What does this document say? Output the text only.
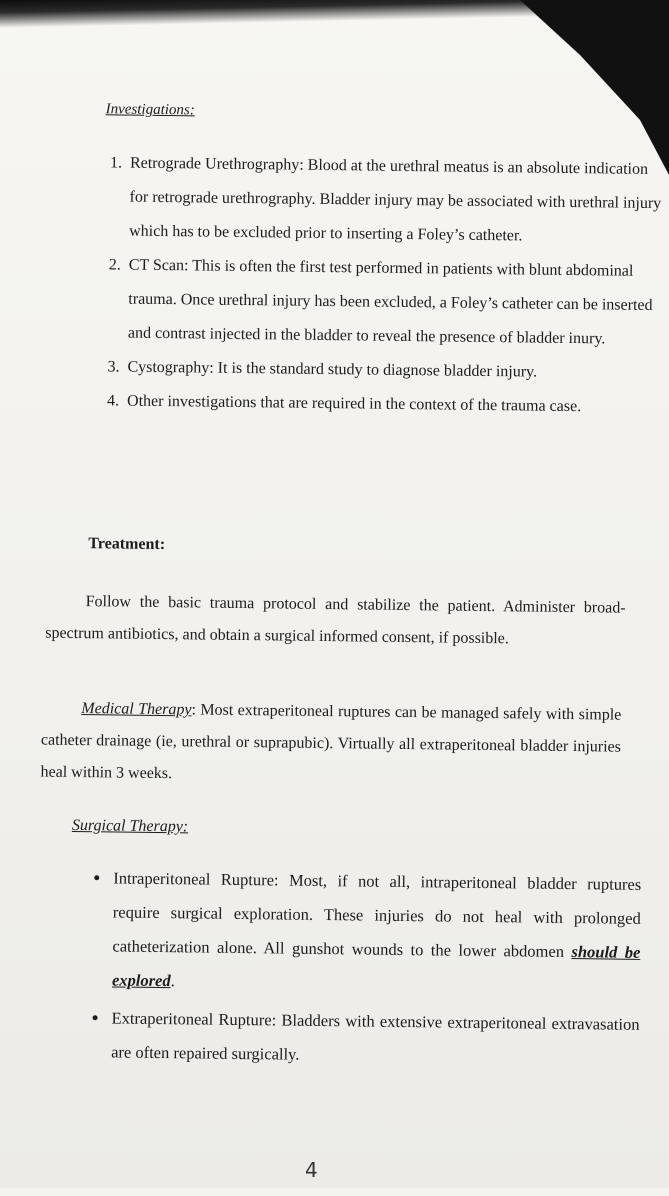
Investigations:
1. Retrograde Urethrography: Blood at the urethral meatus is an absolute indication for retrograde urethrography. Bladder injury may be associated with urethral injury which has to be excluded prior to inserting a Foley’s catheter.
2. CT Scan: This is often the first test performed in patients with blunt abdominal trauma. Once urethral injury has been excluded, a Foley’s catheter can be inserted and contrast injected in the bladder to reveal the presence of bladder inury.
3. Cystography: It is the standard study to diagnose bladder injury.
4. Other investigations that are required in the context of the trauma case.
Treatment:
Follow the basic trauma protocol and stabilize the patient. Administer broad-spectrum antibiotics, and obtain a surgical informed consent, if possible.
Medical Therapy: Most extraperitoneal ruptures can be managed safely with simple catheter drainage (ie, urethral or suprapubic). Virtually all extraperitoneal bladder injuries heal within 3 weeks.
Surgical Therapy:
• Intraperitoneal Rupture: Most, if not all, intraperitoneal bladder ruptures require surgical exploration. These injuries do not heal with prolonged catheterization alone. All gunshot wounds to the lower abdomen should be explored.
• Extraperitoneal Rupture: Bladders with extensive extraperitoneal extravasation are often repaired surgically.
4
